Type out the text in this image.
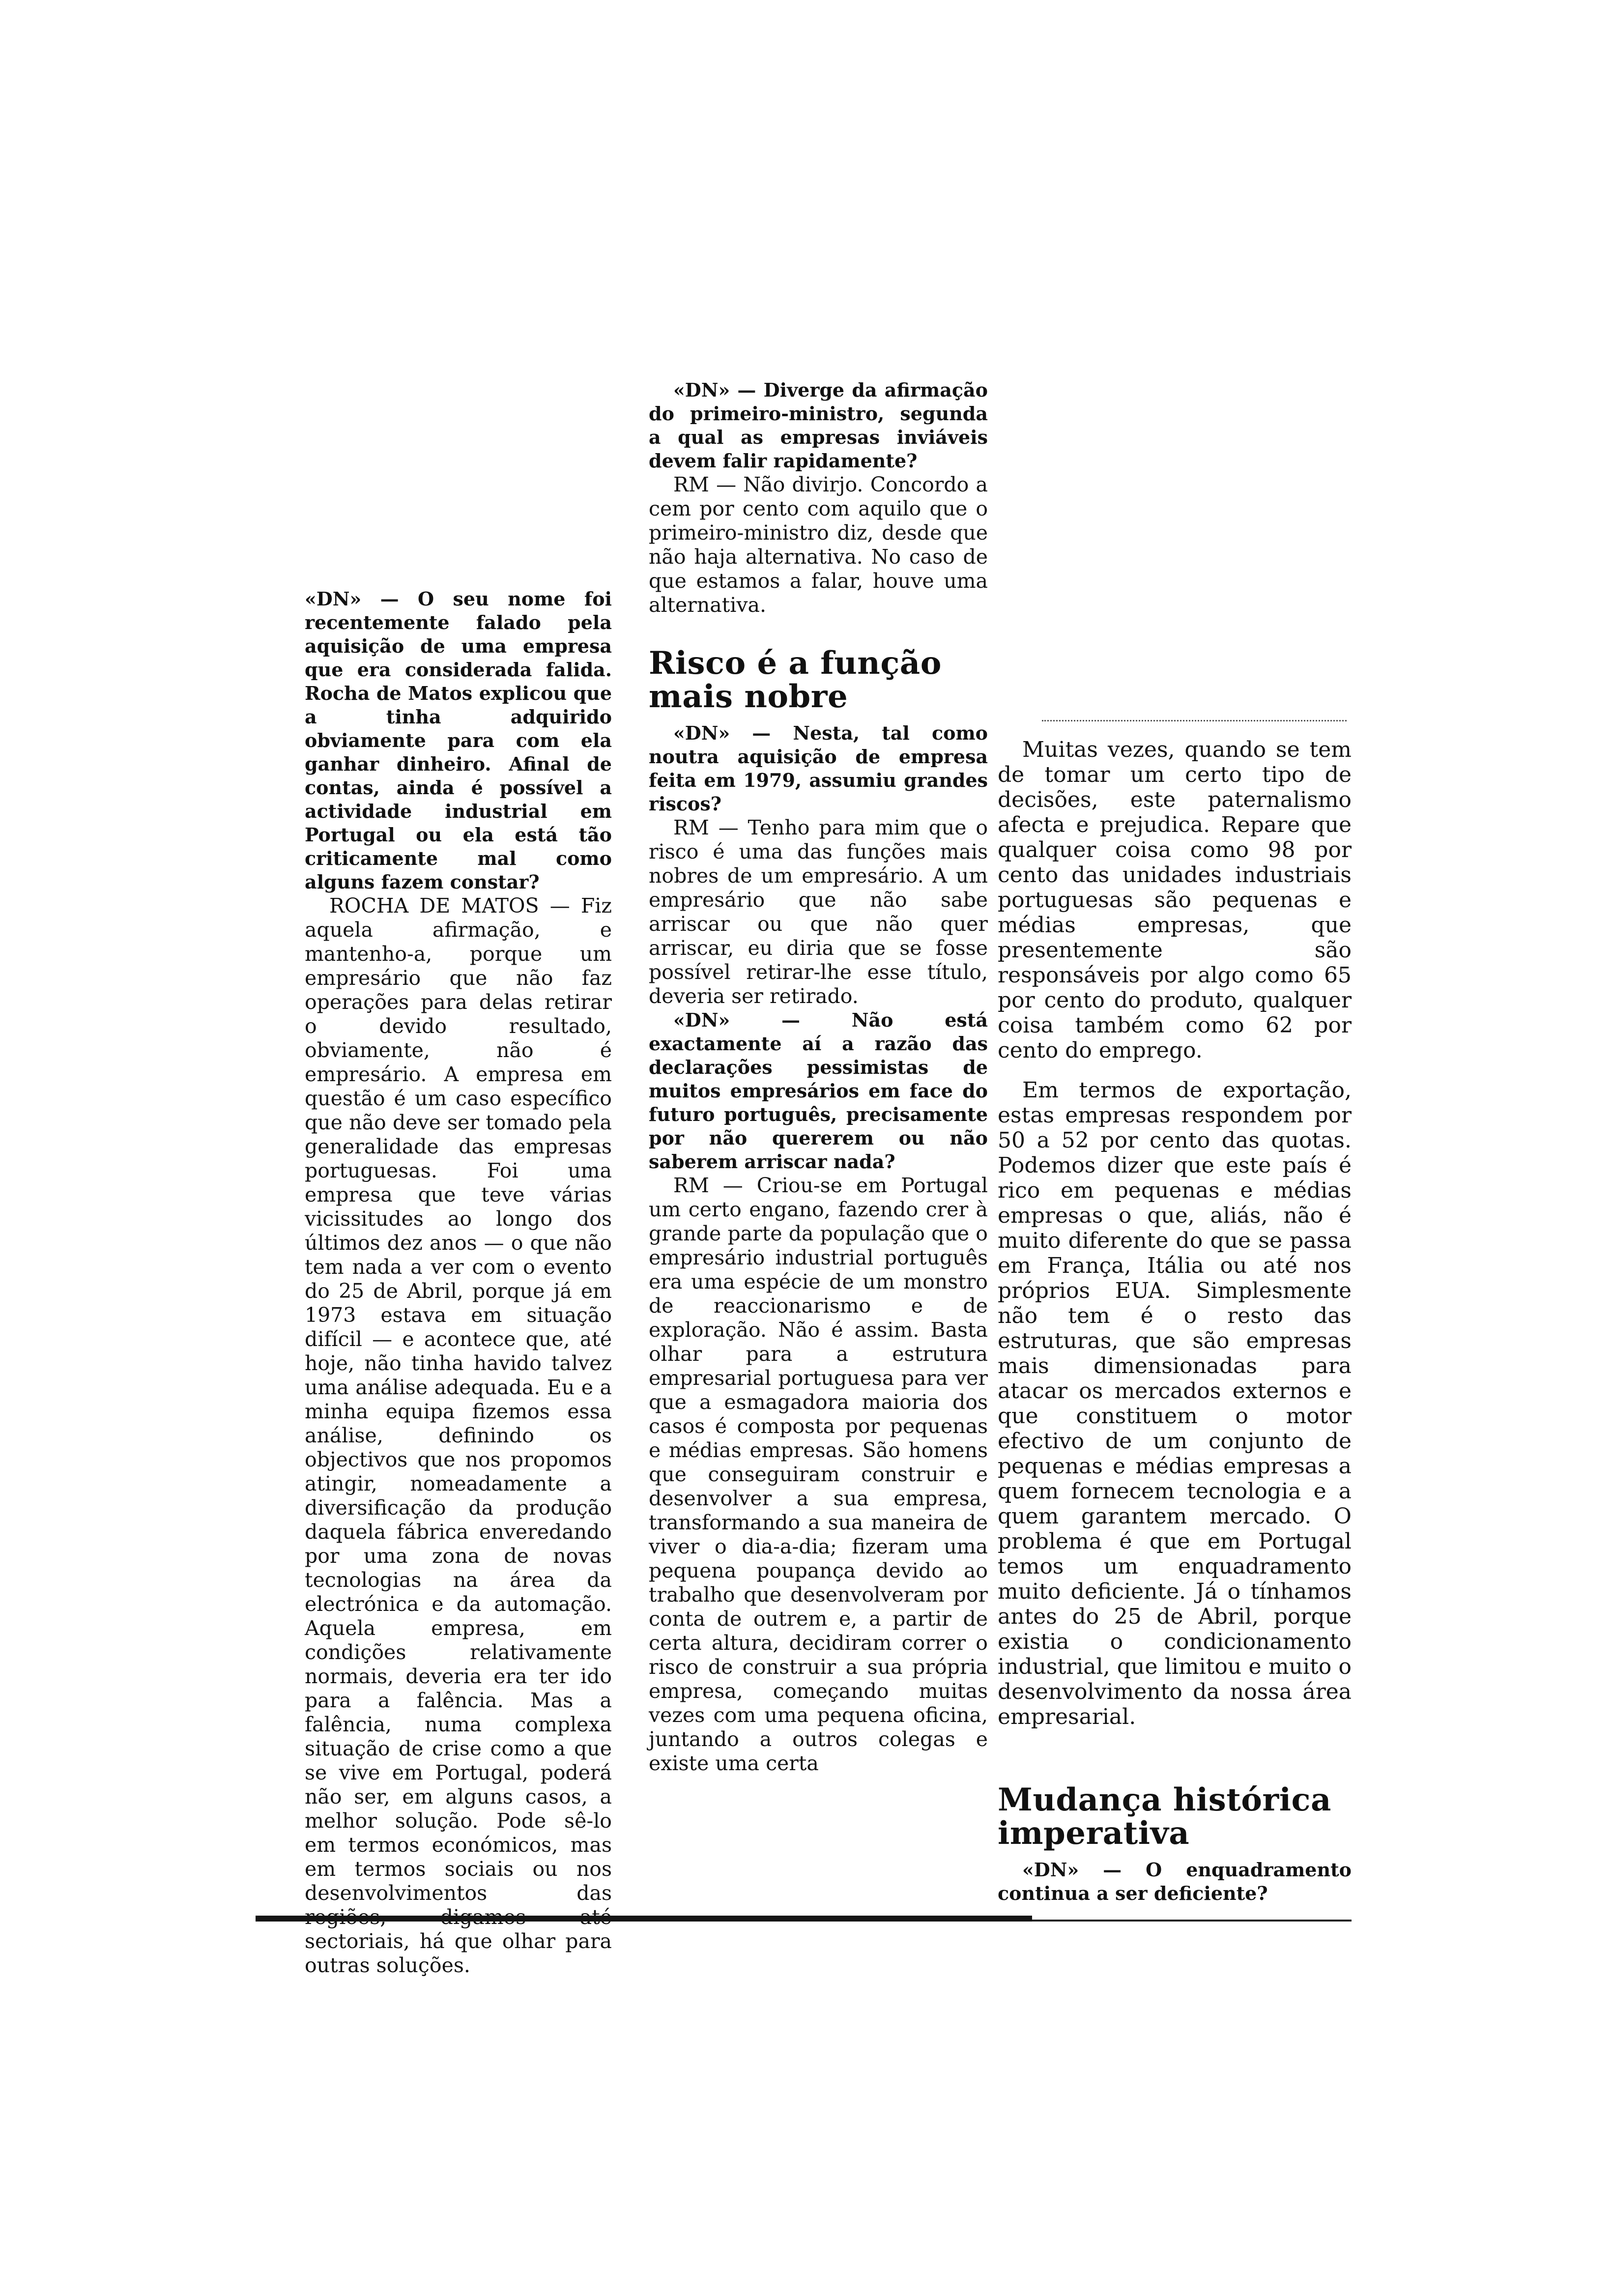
«DN» — O seu nome foi recentemente falado pela aquisição de uma empresa que era considerada falida. Rocha de Matos explicou que a tinha adquirido obviamente para com ela ganhar dinheiro. Afinal de contas, ainda é possível a actividade industrial em Portugal ou ela está tão criticamente mal como alguns fazem constar?

ROCHA DE MATOS — Fiz aquela afirmação, e mantenho-a, porque um empresário que não faz operações para delas retirar o devido resultado, obviamente, não é empresário. A empresa em questão é um caso específico que não deve ser tomado pela generalidade das empresas portuguesas. Foi uma empresa que teve várias vicissitudes ao longo dos últimos dez anos — o que não tem nada a ver com o evento do 25 de Abril, porque já em 1973 estava em situação difícil — e acontece que, até hoje, não tinha havido talvez uma análise adequada. Eu e a minha equipa fizemos essa análise, definindo os objectivos que nos propomos atingir, nomeadamente a diversificação da produção daquela fábrica enveredando por uma zona de novas tecnologias na área da electrónica e da automação. Aquela empresa, em condições relativamente normais, deveria era ter ido para a falência. Mas a falência, numa complexa situação de crise como a que se vive em Portugal, poderá não ser, em alguns casos, a melhor solução. Pode sê-lo em termos económicos, mas em termos sociais ou nos desenvolvimentos das sectoriais, há que olhar para outras soluções.

«DN» — Diverge da afirmação do primeiro-ministro, segunda a qual as empresas inviáveis devem falir rapidamente?

RM — Não divirjo. Concordo a cem por cento com aquilo que o primeiro-ministro diz, desde que não haja alternativa. No caso de que estamos a falar, houve uma alternativa.

Risco é a função mais nobre

«DN» — Nesta, tal como noutra aquisição de empresa feita em 1979, assumiu grandes riscos?

RM — Tenho para mim que o risco é uma das funções mais nobres de um empresário. A um empresário que não sabe arriscar ou que não quer arriscar, eu diria que se fosse possível retirar-lhe esse título, deveria ser retirado.

«DN» — Não está exactamente aí a razão das declarações pessimistas de muitos empresários em face do futuro português, precisamente por não quererem ou não saberem arriscar nada?

RM — Criou-se em Portugal um certo engano, fazendo crer à grande parte da população que o empresário industrial português era uma espécie de um monstro de reaccionarismo e de exploração. Não é assim. Basta olhar para a estrutura empresarial portuguesa para ver que a esmagadora maioria dos casos é composta por pequenas e médias empresas. São homens que conseguiram construir e desenvolver a sua empresa, transformando a sua maneira de viver o dia-a-dia; fizeram uma pequena poupança devido ao trabalho que desenvolveram por conta de outrem e, a partir de certa altura, decidiram correr o risco de construir a sua própria empresa, começando muitas vezes com uma pequena oficina, juntando a outros colegas e existe uma certa

Muitas vezes, quando se tem de tomar um certo tipo de decisões, este paternalismo afecta e prejudica. Repare que qualquer coisa como 98 por cento das unidades industriais portuguesas são pequenas e médias empresas, que presentemente são responsáveis por algo como 65 por cento do produto, qualquer coisa também como 62 por cento do emprego.

Em termos de exportação, estas empresas respondem por 50 a 52 por cento das quotas. Podemos dizer que este país é rico em pequenas e médias empresas o que, aliás, não é muito diferente do que se passa em França, Itália ou até nos próprios EUA. Simplesmente não tem é o resto das estruturas, que são empresas mais dimensionadas para atacar os mercados externos e que constituem o motor efectivo de um conjunto de pequenas e médias empresas a quem fornecem tecnologia e a quem garantem mercado. O problema é que em Portugal temos um enquadramento muito deficiente. Já o tínhamos antes do 25 de Abril, porque existia o condicionamento industrial, que limitou e muito o desenvolvimento da nossa área empresarial.

Mudança histórica imperativa

«DN» — O enquadramento continua a ser deficiente?
